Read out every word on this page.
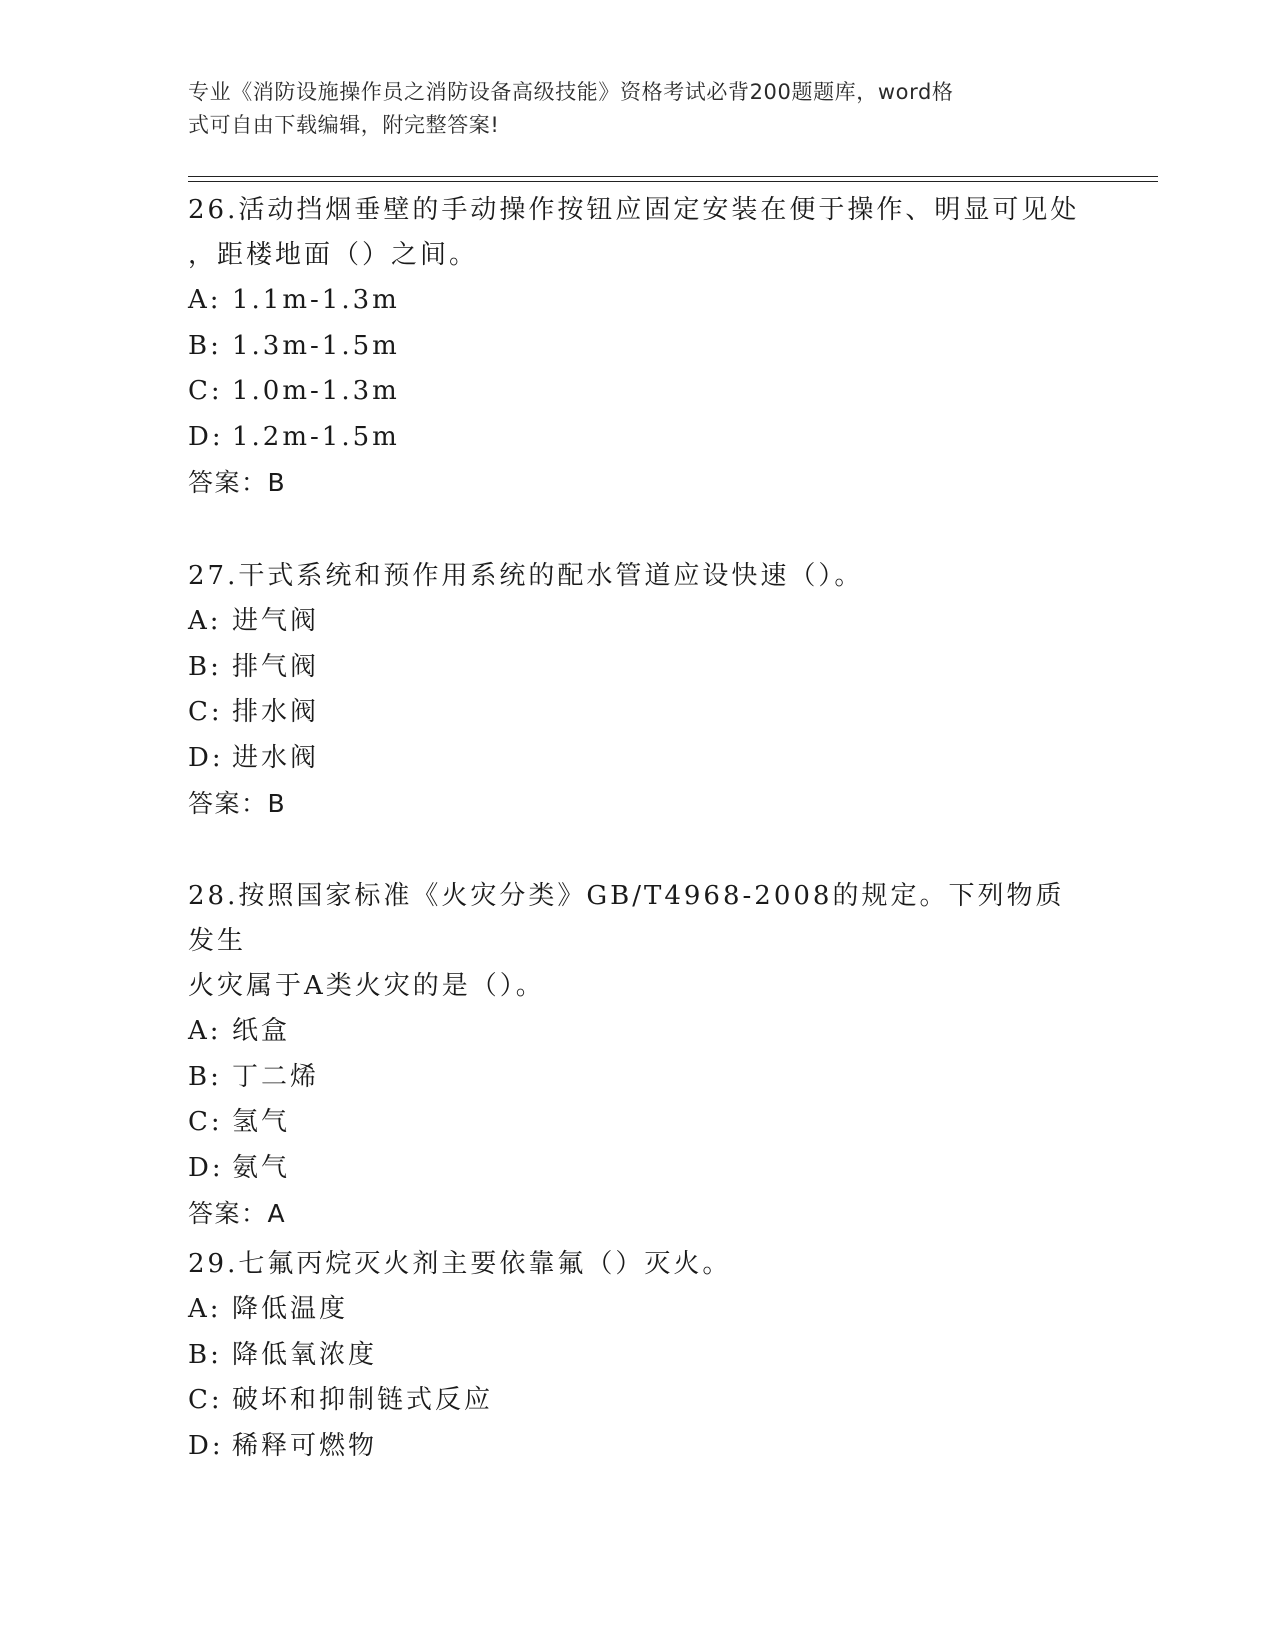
专业《消防设施操作员之消防设备高级技能》资格考试必背200题题库，word格
式可自由下载编辑，附完整答案!

26.活动挡烟垂壁的手动操作按钮应固定安装在便于操作、明显可见处

，距楼地面（）之间。

A: 1.1m-1.3m

B: 1.3m-1.5m

C: 1.0m-1.3m

D: 1.2m-1.5m

答案：B

27.干式系统和预作用系统的配水管道应设快速（）。

A: 进气阀

B: 排气阀

C: 排水阀

D: 进水阀

答案：B

28.按照国家标准《火灾分类》GB/T4968-2008的规定。下列物质发生

火灾属于A类火灾的是（）。

A: 纸盒

B: 丁二烯

C: 氢气

D: 氨气

答案：A

29.七氟丙烷灭火剂主要依靠氟（）灭火。

A: 降低温度

B: 降低氧浓度

C: 破坏和抑制链式反应

D: 稀释可燃物
